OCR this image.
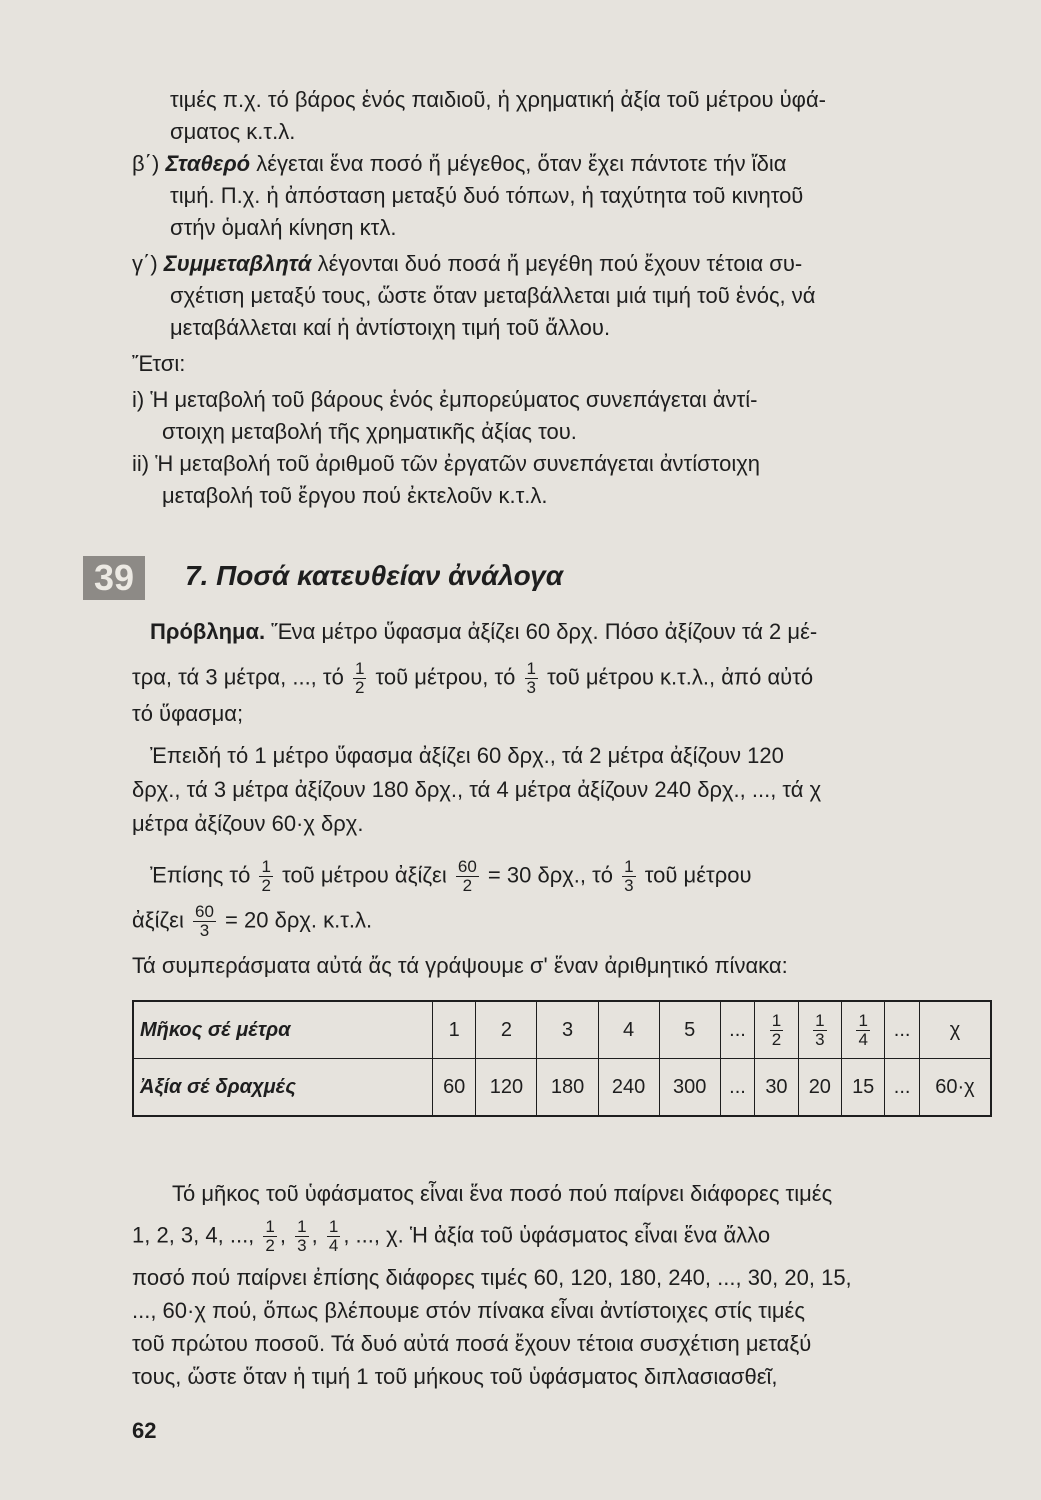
τιμές π.χ. τό βάρος ἑνός παιδιοῦ, ἡ χρηματική ἀξία τοῦ μέτρου ὑφά-
σματος κ.τ.λ.
β΄) Σταθερό λέγεται ἕνα ποσό ἤ μέγεθος, ὅταν ἔχει πάντοτε τήν ἴδια
τιμή. Π.χ. ἡ ἀπόσταση μεταξύ δυό τόπων, ἡ ταχύτητα τοῦ κινητοῦ
στήν ὁμαλή κίνηση κτλ.
γ΄) Συμμεταβλητά λέγονται δυό ποσά ἤ μεγέθη πού ἔχουν τέτοια συ-
σχέτιση μεταξύ τους, ὥστε ὅταν μεταβάλλεται μιά τιμή τοῦ ἑνός, νά
μεταβάλλεται καί ἡ ἀντίστοιχη τιμή τοῦ ἄλλου.
Ἔτσι:
i) Ἡ μεταβολή τοῦ βάρους ἑνός ἐμπορεύματος συνεπάγεται ἀντί-
στοιχη μεταβολή τῆς χρηματικῆς ἀξίας του.
ii) Ἡ μεταβολή τοῦ ἀριθμοῦ τῶν ἐργατῶν συνεπάγεται ἀντίστοιχη
μεταβολή τοῦ ἔργου πού ἐκτελοῦν κ.τ.λ.
39	7. Ποσά κατευθείαν ἀνάλογα
Πρόβλημα. Ἕνα μέτρο ὕφασμα ἀξίζει 60 δρχ. Πόσο ἀξίζουν τά 2 μέ-
τρα, τά 3 μέτρα, ..., τό $\frac{1}{2}$ τοῦ μέτρου, τό $\frac{1}{3}$ τοῦ μέτρου κ.τ.λ., ἀπό αὐτό
τό ὕφασμα;
Ἐπειδή τό 1 μέτρο ὕφασμα ἀξίζει 60 δρχ., τά 2 μέτρα ἀξίζουν 120
δρχ., τά 3 μέτρα ἀξίζουν 180 δρχ., τά 4 μέτρα ἀξίζουν 240 δρχ., ..., τά χ
μέτρα ἀξίζουν 60·χ δρχ.
Ἐπίσης τό $\frac{1}{2}$ τοῦ μέτρου ἀξίζει $\frac{60}{2} = 30$ δρχ., τό $\frac{1}{3}$ τοῦ μέτρου
ἀξίζει $\frac{60}{3} = 20$ δρχ. κ.τ.λ.
Τά συμπεράσματα αὐτά ἄς τά γράψουμε σ' ἕναν ἀριθμητικό πίνακα:
Μῆκος σέ μέτρα	1	2	3	4	5	...	$\frac{1}{2}$	$\frac{1}{3}$	$\frac{1}{4}$	...	χ
Ἀξία σέ δραχμές	60	120	180	240	300	...	30	20	15	...	60·χ
Τό μῆκος τοῦ ὑφάσματος εἶναι ἕνα ποσό πού παίρνει διάφορες τιμές
1, 2, 3, 4, ..., $\frac{1}{2}$ , $\frac{1}{3}$ , $\frac{1}{4}$ , ..., χ. Ἡ ἀξία τοῦ ὑφάσματος εἶναι ἕνα ἄλλο
ποσό πού παίρνει ἐπίσης διάφορες τιμές 60, 120, 180, 240, ..., 30, 20, 15,
..., 60·χ πού, ὅπως βλέπουμε στόν πίνακα εἶναι ἀντίστοιχες στίς τιμές
τοῦ πρώτου ποσοῦ. Τά δυό αὐτά ποσά ἔχουν τέτοια συσχέτιση μεταξύ
τους, ὥστε ὅταν ἡ τιμή 1 τοῦ μήκους τοῦ ὑφάσματος διπλασιασθεῖ,
62
